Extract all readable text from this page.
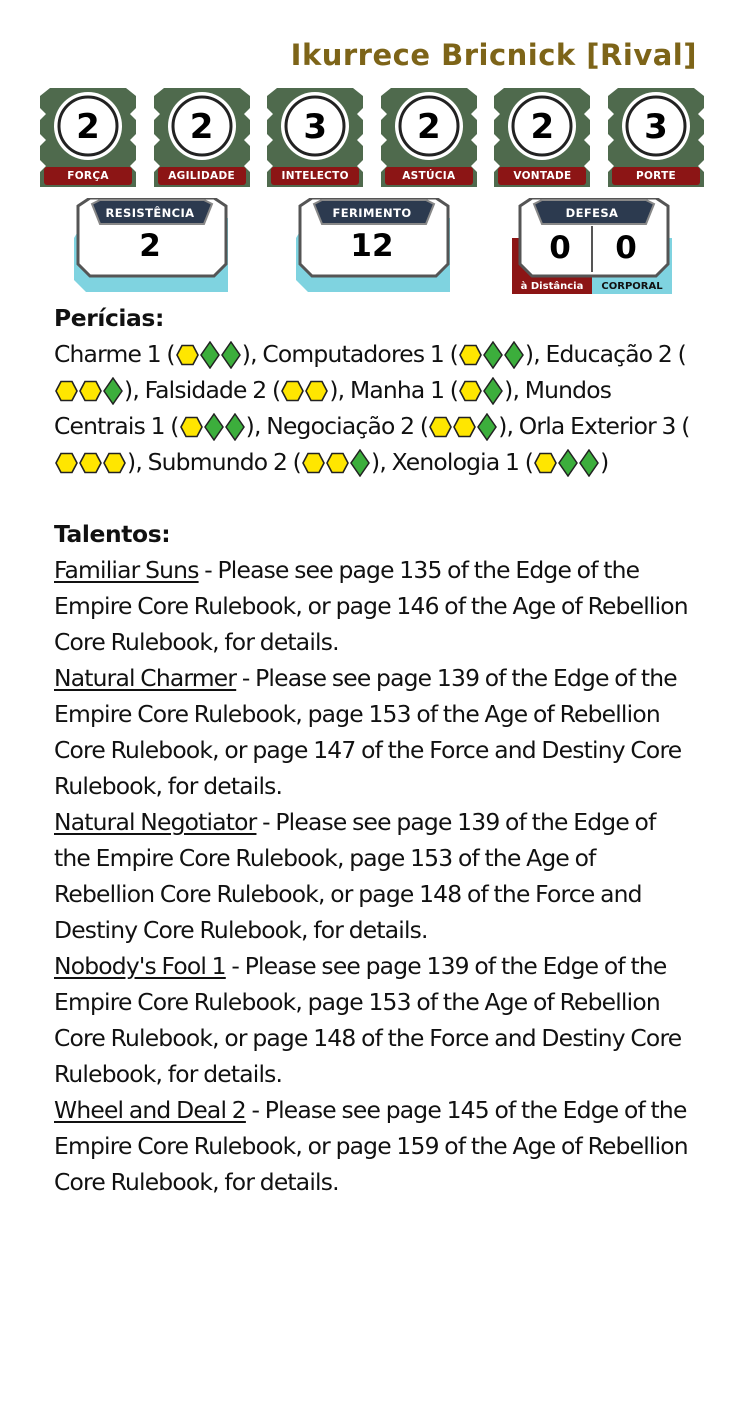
Ikurrece Bricnick [Rival]
2
FORÇA
2
AGILIDADE
3
INTELECTO
2
ASTÚCIA
2
VONTADE
3
PORTE
RESISTÊNCIA
2
FERIMENTO
12
DEFESA
0	0
à Distância	CORPORAL
Perícias:
Charme 1 (	), Computadores 1 (	), Educação 2 (
), Falsidade 2 ( ), Manha 1 ( ), Mundos Centrais 1 (	), Negociação 2 (	), Orla Exterior 3 (
), Submundo 2 (	), Xenologia 1 (	)
Talentos:
Familiar Suns - Please see page 135 of the Edge of the Empire Core Rulebook, or page 146 of the Age of Rebellion Core Rulebook, for details.
Natural Charmer - Please see page 139 of the Edge of the Empire Core Rulebook, page 153 of the Age of Rebellion Core Rulebook, or page 147 of the Force and Destiny Core Rulebook, for details.
Natural Negotiator - Please see page 139 of the Edge of the Empire Core Rulebook, page 153 of the Age of Rebellion Core Rulebook, or page 148 of the Force and Destiny Core Rulebook, for details.
Nobody's Fool 1 - Please see page 139 of the Edge of the Empire Core Rulebook, page 153 of the Age of Rebellion Core Rulebook, or page 148 of the Force and Destiny Core Rulebook, for details.
Wheel and Deal 2 - Please see page 145 of the Edge of the Empire Core Rulebook, or page 159 of the Age of Rebellion Core Rulebook, for details.
